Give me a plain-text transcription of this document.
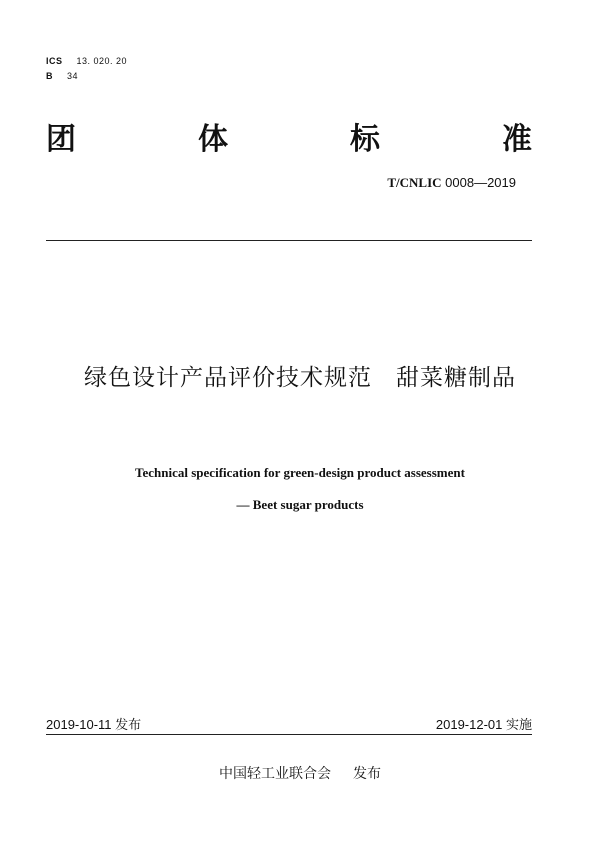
ICS 13. 020. 20
B 34
团	体	标	准
T/CNLIC 0008—2019
绿色设计产品评价技术规范　甜菜糖制品
Technical specification for green-design product assessment
— Beet sugar products
2019-10-11 发布	2019-12-01 实施
中国轻工业联合会 发布
